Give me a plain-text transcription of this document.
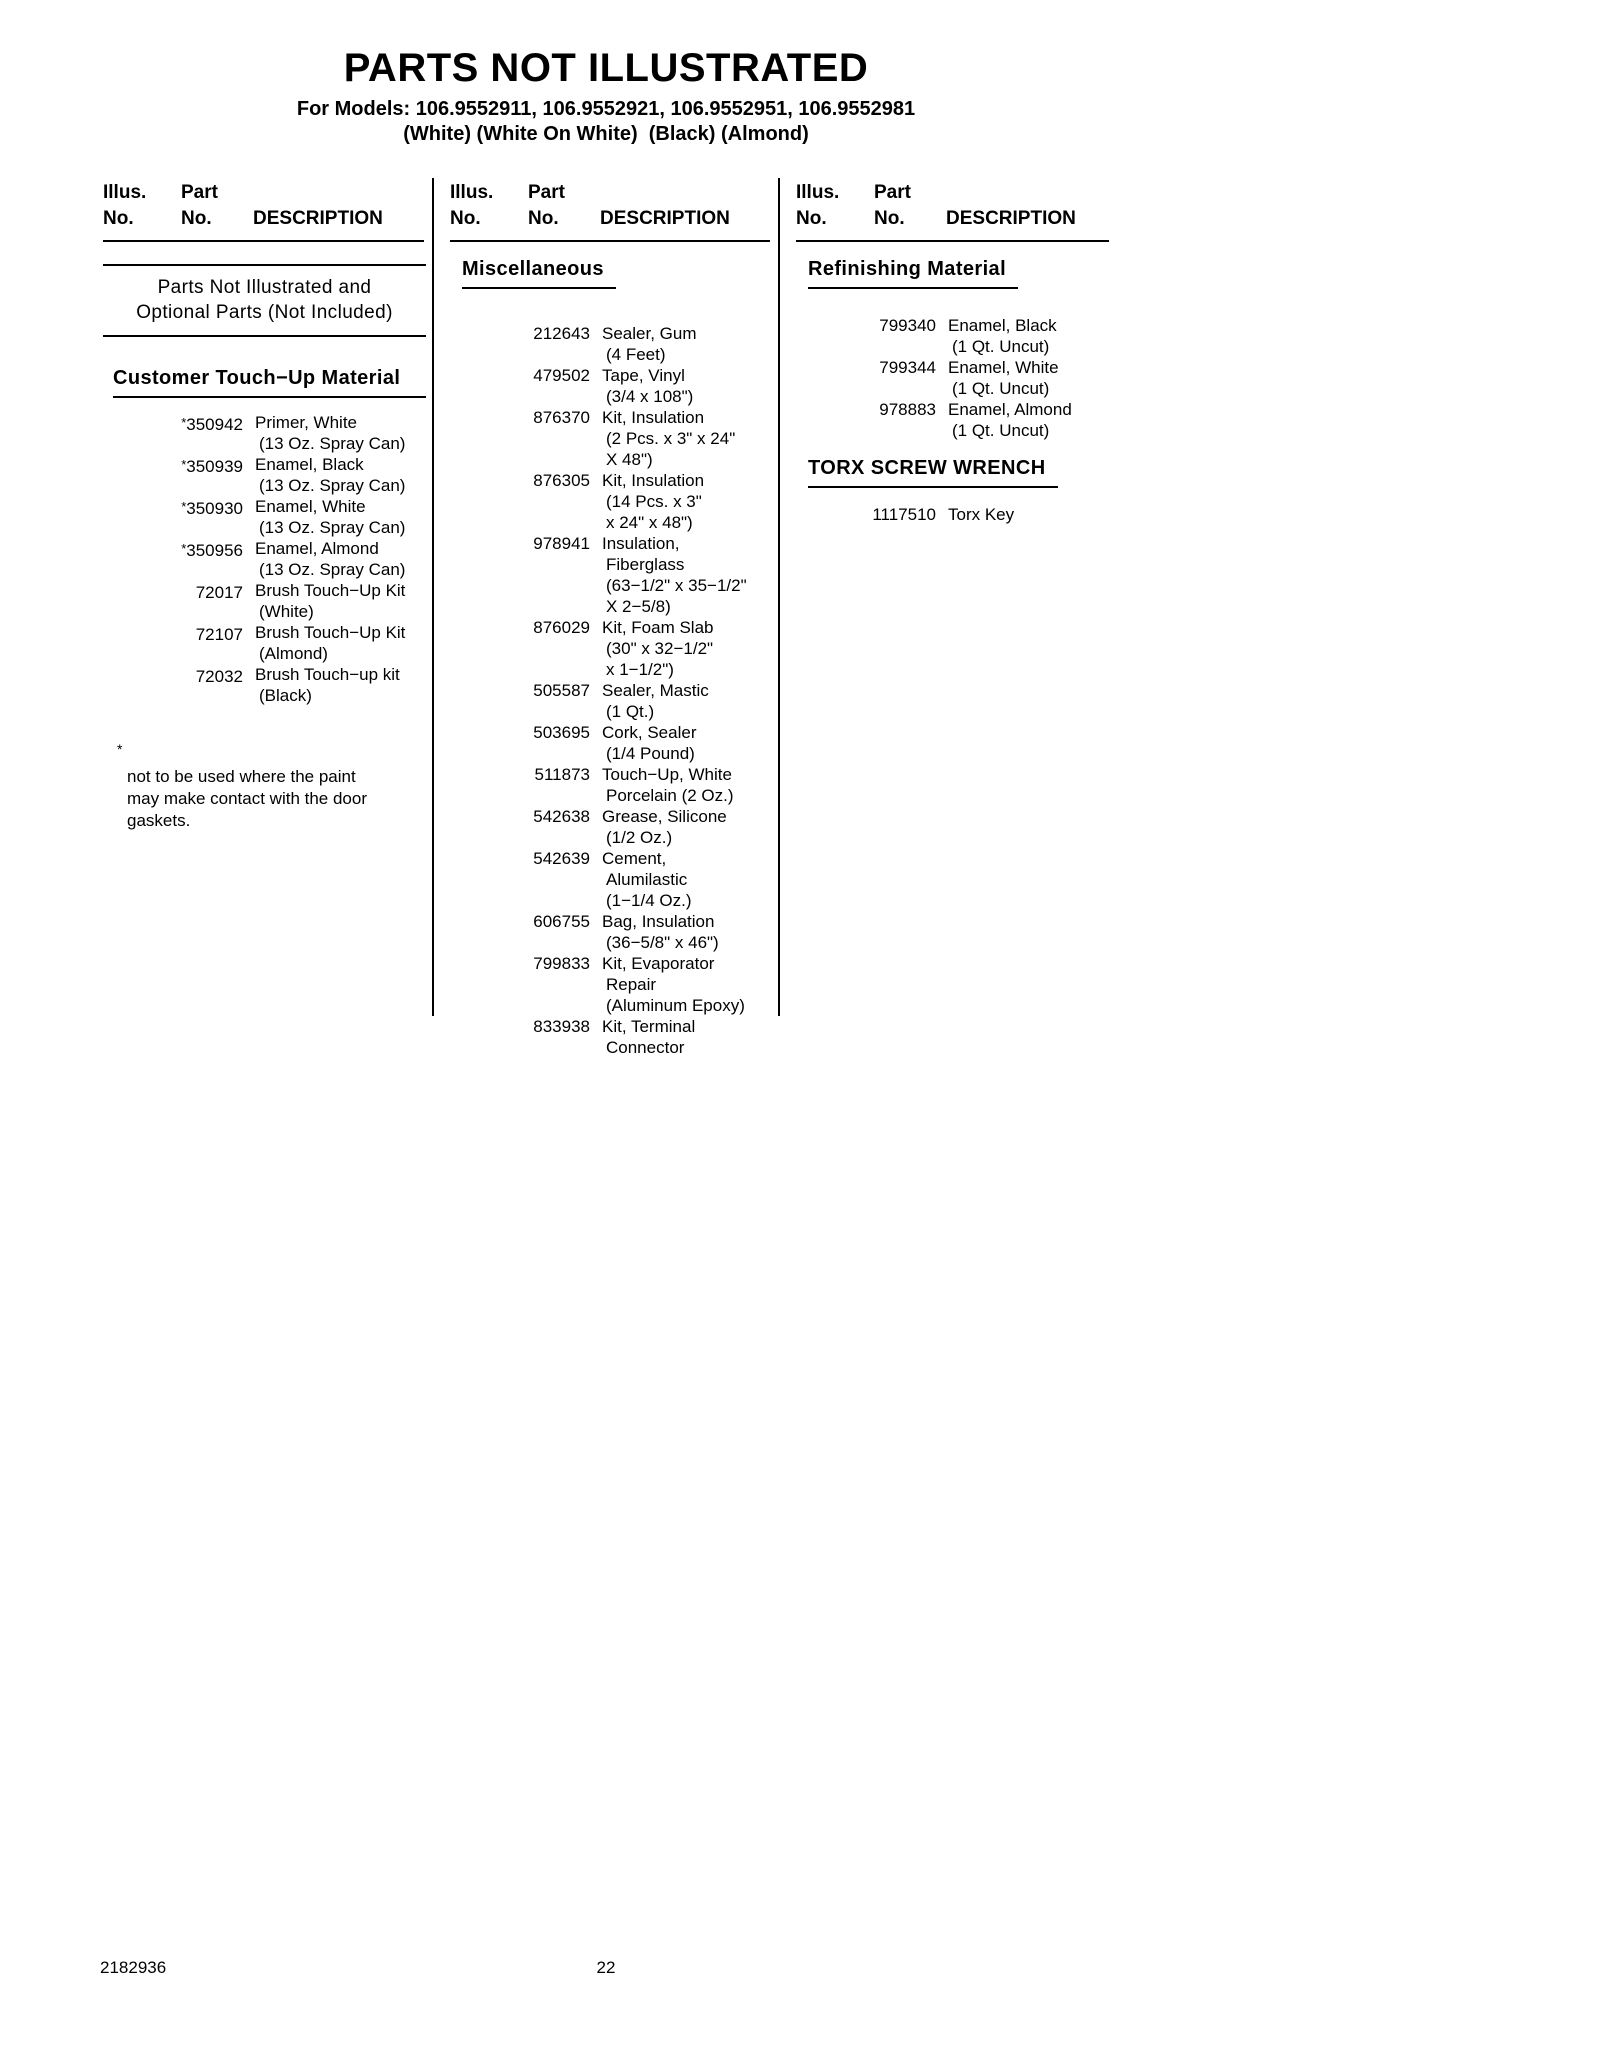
PARTS NOT ILLUSTRATED
For Models: 106.9552911, 106.9552921, 106.9552951, 106.9552981
(White) (White On White)  (Black) (Almond)
Illus.	Part
No.	No.	DESCRIPTION
Parts Not Illustrated and
Optional Parts (Not Included)
Customer Touch−Up Material
*350942 Primer, White
(13 Oz. Spray Can)
*350939 Enamel, Black
(13 Oz. Spray Can)
*350930 Enamel, White
(13 Oz. Spray Can)
*350956 Enamel, Almond
(13 Oz. Spray Can)
72017 Brush Touch−Up Kit
(White)
72107 Brush Touch−Up Kit
(Almond)
72032 Brush Touch−up kit
(Black)
*
not to be used where the paint
may make contact with the door
gaskets.
Illus.	Part
No.	No.	DESCRIPTION
Miscellaneous
212643 Sealer, Gum
(4 Feet)
479502 Tape, Vinyl
(3/4 x 108")
876370 Kit, Insulation
(2 Pcs. x 3" x 24"
X 48")
876305 Kit, Insulation
(14 Pcs. x 3"
x 24" x 48")
978941 Insulation,
Fiberglass
(63−1/2" x 35−1/2"
X 2−5/8)
876029 Kit, Foam Slab
(30" x 32−1/2"
x 1−1/2")
505587 Sealer, Mastic
(1 Qt.)
503695 Cork, Sealer
(1/4 Pound)
511873 Touch−Up, White
Porcelain (2 Oz.)
542638 Grease, Silicone
(1/2 Oz.)
542639 Cement,
Alumilastic
(1−1/4 Oz.)
606755 Bag, Insulation
(36−5/8" x 46")
799833 Kit, Evaporator
Repair
(Aluminum Epoxy)
833938 Kit, Terminal
Connector
Illus.	Part
No.	No.	DESCRIPTION
Refinishing Material
799340 Enamel, Black
(1 Qt. Uncut)
799344 Enamel, White
(1 Qt. Uncut)
978883 Enamel, Almond
(1 Qt. Uncut)
TORX SCREW WRENCH
1117510 Torx Key
2182936	22
